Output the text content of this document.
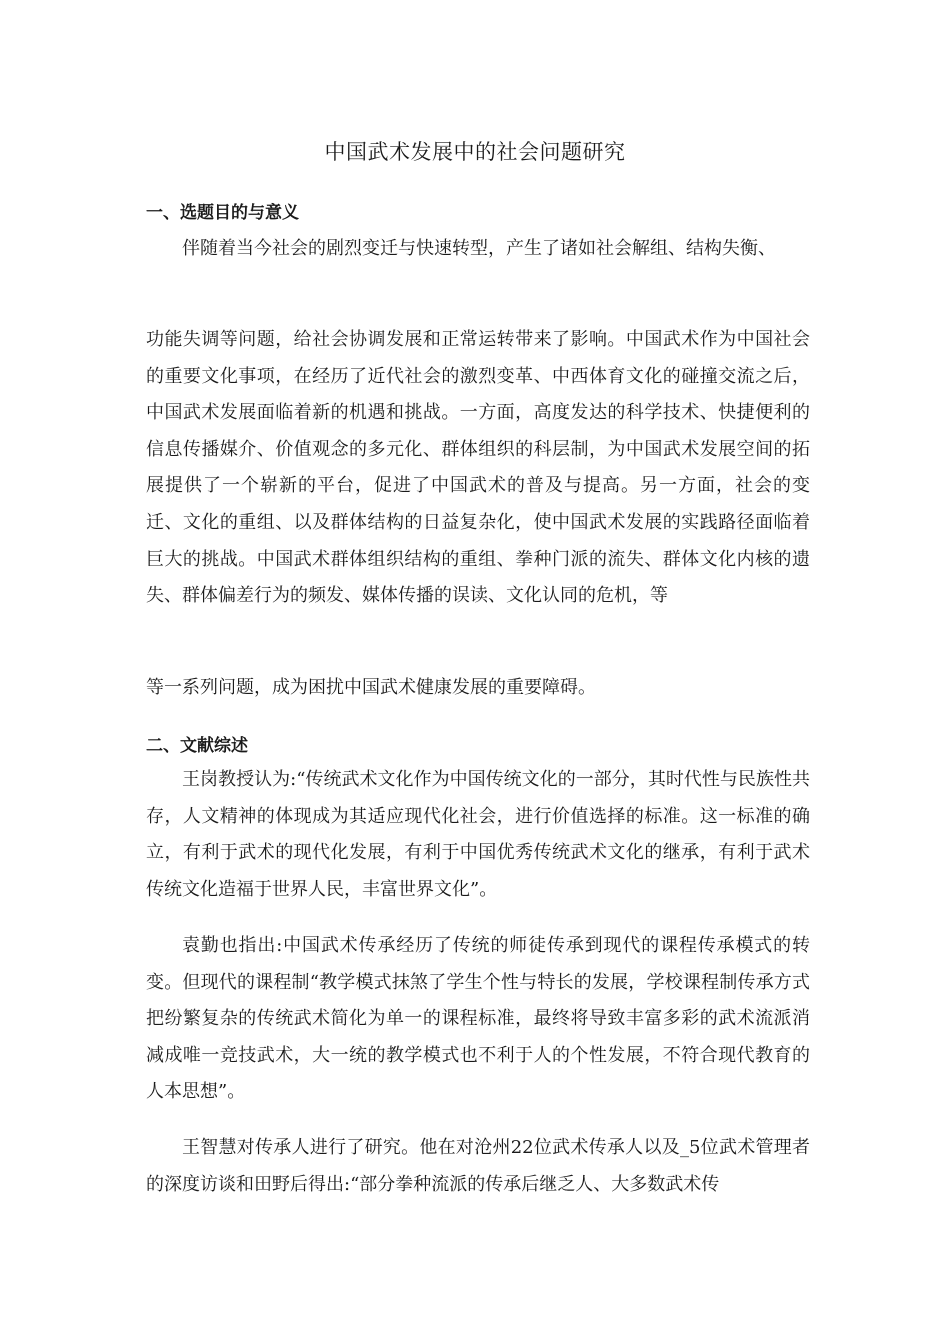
中国武术发展中的社会问题研究
一、选题目的与意义

伴随着当今社会的剧烈变迁与快速转型，产生了诸如社会解组、结构失衡、

功能失调等问题，给社会协调发展和正常运转带来了影响。中国武术作为中国社会的重要文化事项，在经历了近代社会的激烈变革、中西体育文化的碰撞交流之后，中国武术发展面临着新的机遇和挑战。一方面，高度发达的科学技术、快捷便利的信息传播媒介、价值观念的多元化、群体组织的科层制，为中国武术发展空间的拓展提供了一个崭新的平台，促进了中国武术的普及与提高。另一方面，社会的变迁、文化的重组、以及群体结构的日益复杂化，使中国武术发展的实践路径面临着巨大的挑战。中国武术群体组织结构的重组、拳种门派的流失、群体文化内核的遗失、群体偏差行为的频发、媒体传播的误读、文化认同的危机，等

等一系列问题，成为困扰中国武术健康发展的重要障碍。

二、文献综述

王岗教授认为:“传统武术文化作为中国传统文化的一部分，其时代性与民族性共存，人文精神的体现成为其适应现代化社会，进行价值选择的标准。这一标准的确立，有利于武术的现代化发展，有利于中国优秀传统武术文化的继承，有利于武术传统文化造福于世界人民，丰富世界文化”。

袁勤也指出:中国武术传承经历了传统的师徒传承到现代的课程传承模式的转变。但现代的课程制“教学模式抹煞了学生个性与特长的发展，学校课程制传承方式把纷繁复杂的传统武术简化为单一的课程标准，最终将导致丰富多彩的武术流派消减成唯一竞技武术，大一统的教学模式也不利于人的个性发展，不符合现代教育的人本思想”。

王智慧对传承人进行了研究。他在对沧州22位武术传承人以及_5位武术管理者的深度访谈和田野后得出:“部分拳种流派的传承后继乏人、大多数武术传
